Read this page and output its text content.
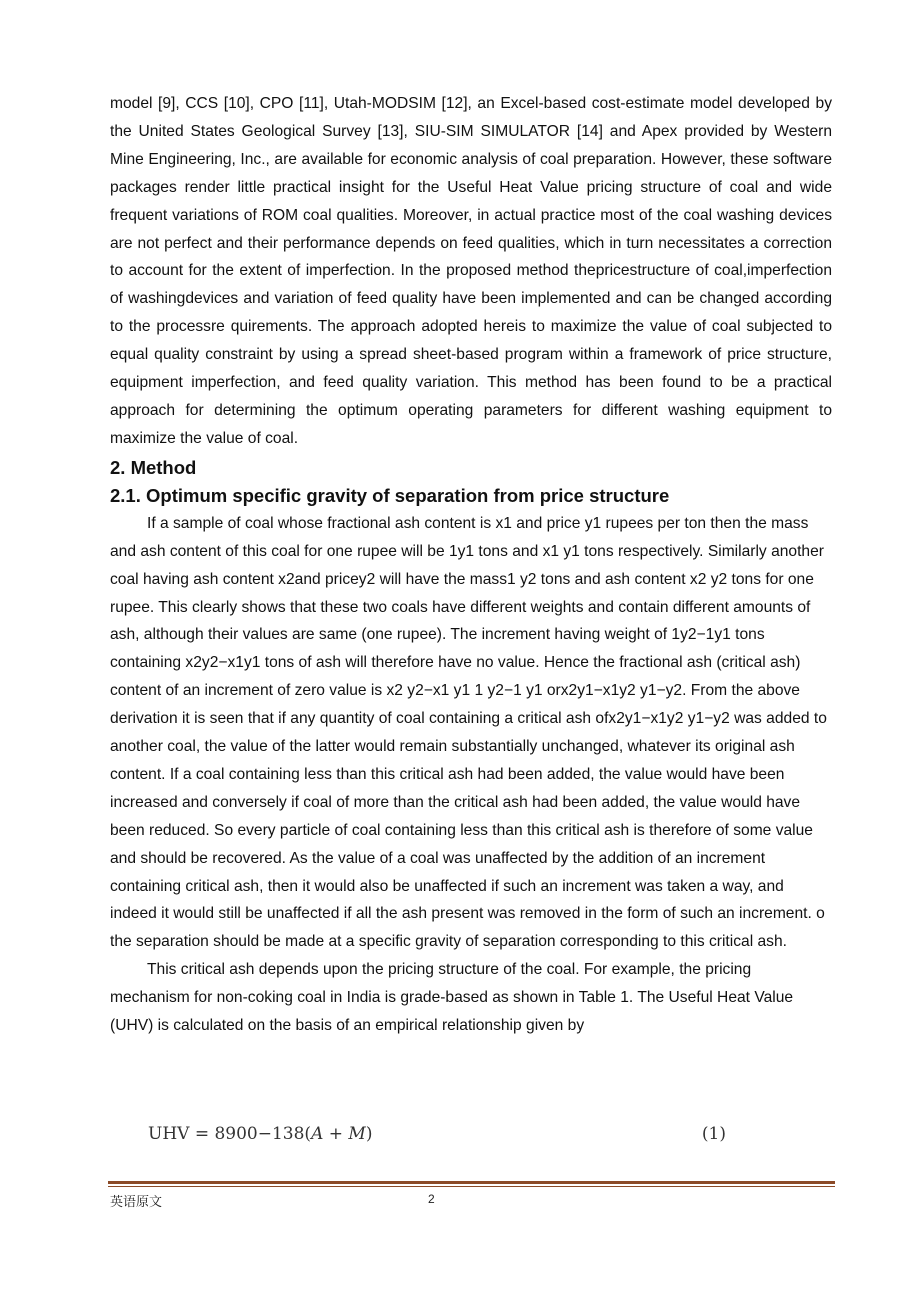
model [9], CCS [10], CPO [11], Utah-MODSIM [12], an Excel-based cost-estimate model developed by the United States Geological Survey [13], SIU-SIM SIMULATOR [14] and Apex provided by Western Mine Engineering, Inc., are available for economic analysis of coal preparation. However, these software packages render little practical insight for the Useful Heat Value pricing structure of coal and wide frequent variations of ROM coal qualities. Moreover, in actual practice most of the coal washing devices are not perfect and their performance depends on feed qualities, which in turn necessitates a correction to account for the extent of imperfection. In the proposed method thepricestructure of coal,imperfection of washingdevices and variation of feed quality have been implemented and can be changed according to the processre quirements. The approach adopted hereis to maximize the value of coal subjected to equal quality constraint by using a spread sheet-based program within a framework of price structure, equipment imperfection, and feed quality variation. This method has been found to be a practical approach for determining the optimum operating parameters for different washing equipment to maximize the value of coal.

2. Method
2.1. Optimum specific gravity of separation from price structure

If a sample of coal whose fractional ash content is x1 and price y1 rupees per ton then the mass and ash content of this coal for one rupee will be 1y1 tons and x1 y1 tons respectively. Similarly another coal having ash content x2and pricey2 will have the mass1 y2 tons and ash content x2 y2 tons for one rupee. This clearly shows that these two coals have different weights and contain different amounts of ash, although their values are same (one rupee). The increment having weight of 1y2−1y1 tons containing x2y2−x1y1 tons of ash will therefore have no value. Hence the fractional ash (critical ash) content of an increment of zero value is x2 y2−x1 y1 1 y2−1 y1 orx2y1−x1y2 y1−y2. From the above derivation it is seen that if any quantity of coal containing a critical ash ofx2y1−x1y2 y1−y2 was added to another coal, the value of the latter would remain substantially unchanged, whatever its original ash content. If a coal containing less than this critical ash had been added, the value would have been increased and conversely if coal of more than the critical ash had been added, the value would have been reduced. So every particle of coal containing less than this critical ash is therefore of some value and should be recovered. As the value of a coal was unaffected by the addition of an increment containing critical ash, then it would also be unaffected if such an increment was taken a way, and indeed it would still be unaffected if all the ash present was removed in the form of such an increment. o the separation should be made at a specific gravity of separation corresponding to this critical ash.

This critical ash depends upon the pricing structure of the coal. For example, the pricing mechanism for non-coking coal in India is grade-based as shown in Table 1. The Useful Heat Value (UHV) is calculated on the basis of an empirical relationship given by

UHV = 8900−138(A + M)	(1)
英语原文	2
